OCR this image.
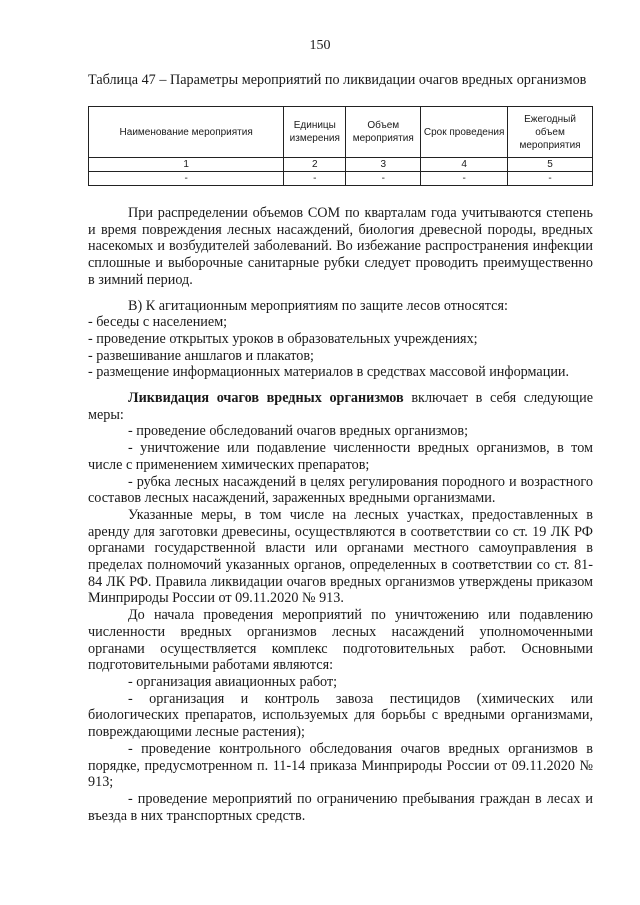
150
Таблица 47 – Параметры мероприятий по ликвидации очагов вредных организмов
Наименование мероприятия	Единицы измерения	Объем мероприятия	Срок проведения	Ежегодный объем мероприятия
1	2	3	4	5
-	-	-	-	-

При распределении объемов СОМ по кварталам года учитываются степень и время повреждения лесных насаждений, биология древесной породы, вредных насекомых и возбудителей заболеваний. Во избежание распространения инфекции сплошные и выборочные санитарные рубки следует проводить преимущественно в зимний период.

В) К агитационным мероприятиям по защите лесов относятся:

- беседы с населением;

- проведение открытых уроков в образовательных учреждениях;

- развешивание аншлагов и плакатов;

- размещение информационных материалов в средствах массовой информации.

Ликвидация очагов вредных организмов включает в себя следующие меры:

- проведение обследований очагов вредных организмов;

- уничтожение или подавление численности вредных организмов, в том числе с применением химических препаратов;

- рубка лесных насаждений в целях регулирования породного и возрастного составов лесных насаждений, зараженных вредными организмами.

Указанные меры, в том числе на лесных участках, предоставленных в аренду для заготовки древесины, осуществляются в соответствии со ст. 19 ЛК РФ органами государственной власти или органами местного самоуправления в пределах полномочий указанных органов, определенных в соответствии со ст. 81-84 ЛК РФ. Правила ликвидации очагов вредных организмов утверждены приказом Минприроды России от 09.11.2020 № 913.

До начала проведения мероприятий по уничтожению или подавлению численности вредных организмов лесных насаждений уполномоченными органами осуществляется комплекс подготовительных работ. Основными подготовительными работами являются:

- организация авиационных работ;

- организация и контроль завоза пестицидов (химических или биологических препаратов, используемых для борьбы с вредными организмами, повреждающими лесные растения);

- проведение контрольного обследования очагов вредных организмов в порядке, предусмотренном п. 11-14 приказа Минприроды России от 09.11.2020 № 913;

- проведение мероприятий по ограничению пребывания граждан в лесах и въезда в них транспортных средств.
